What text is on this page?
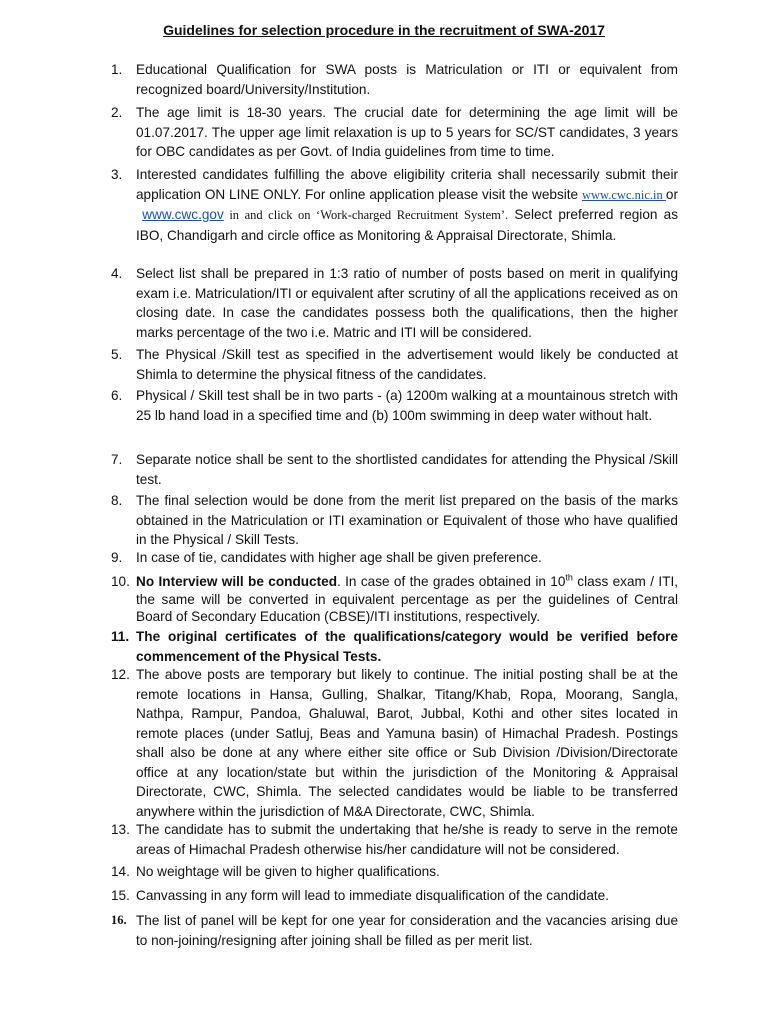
Guidelines for selection procedure in the recruitment of SWA-2017
1.	Educational Qualification for SWA posts is Matriculation or ITI or equivalent from recognized board/University/Institution.
2.	The age limit is 18-30 years. The crucial date for determining the age limit will be 01.07.2017. The upper age limit relaxation is up to 5 years for SC/ST candidates, 3 years for OBC candidates as per Govt. of India guidelines from time to time.
3.	Interested candidates fulfilling the above eligibility criteria shall necessarily submit their application ON LINE ONLY. For online application please visit the website www.cwc.nic.in or  www.cwc.gov in and click on ‘Work-charged Recruitment System’. Select preferred region as IBO, Chandigarh and circle office as Monitoring & Appraisal Directorate, Shimla.
4.	Select list shall be prepared in 1:3 ratio of number of posts based on merit in qualifying exam i.e. Matriculation/ITI or equivalent after scrutiny of all the applications received as on closing date. In case the candidates possess both the qualifications, then the higher marks percentage of the two i.e. Matric and ITI will be considered.
5.	The Physical /Skill test as specified in the advertisement would likely be conducted at Shimla to determine the physical fitness of the candidates.
6.	Physical / Skill test shall be in two parts - (a) 1200m walking at a mountainous stretch with 25 lb hand load in a specified time and (b) 100m swimming in deep water without halt.
7.	Separate notice shall be sent to the shortlisted candidates for attending the Physical /Skill test.
8.	The final selection would be done from the merit list prepared on the basis of the marks obtained in the Matriculation or ITI examination or Equivalent of those who have qualified in the Physical / Skill Tests.
9.	In case of tie, candidates with higher age shall be given preference.
10. No Interview will be conducted. In case of the grades obtained in 10th class exam / ITI, the same will be converted in equivalent percentage as per the guidelines of Central Board of Secondary Education (CBSE)/ITI institutions, respectively.
11. The original certificates of the qualifications/category would be verified before commencement of the Physical Tests.
12. The above posts are temporary but likely to continue. The initial posting shall be at the remote locations in Hansa, Gulling, Shalkar, Titang/Khab, Ropa, Moorang, Sangla, Nathpa, Rampur, Pandoa, Ghaluwal, Barot, Jubbal, Kothi and other sites located in remote places (under Satluj, Beas and Yamuna basin) of Himachal Pradesh. Postings shall also be done at any where either site office or Sub Division /Division/Directorate office at any location/state but within the jurisdiction of the Monitoring & Appraisal Directorate, CWC, Shimla. The selected candidates would be liable to be transferred anywhere within the jurisdiction of M&A Directorate, CWC, Shimla.
13. The candidate has to submit the undertaking that he/she is ready to serve in the remote areas of Himachal Pradesh otherwise his/her candidature will not be considered.
14. No weightage will be given to higher qualifications.
15. Canvassing in any form will lead to immediate disqualification of the candidate.
16. The list of panel will be kept for one year for consideration and the vacancies arising due to non-joining/resigning after joining shall be filled as per merit list.
